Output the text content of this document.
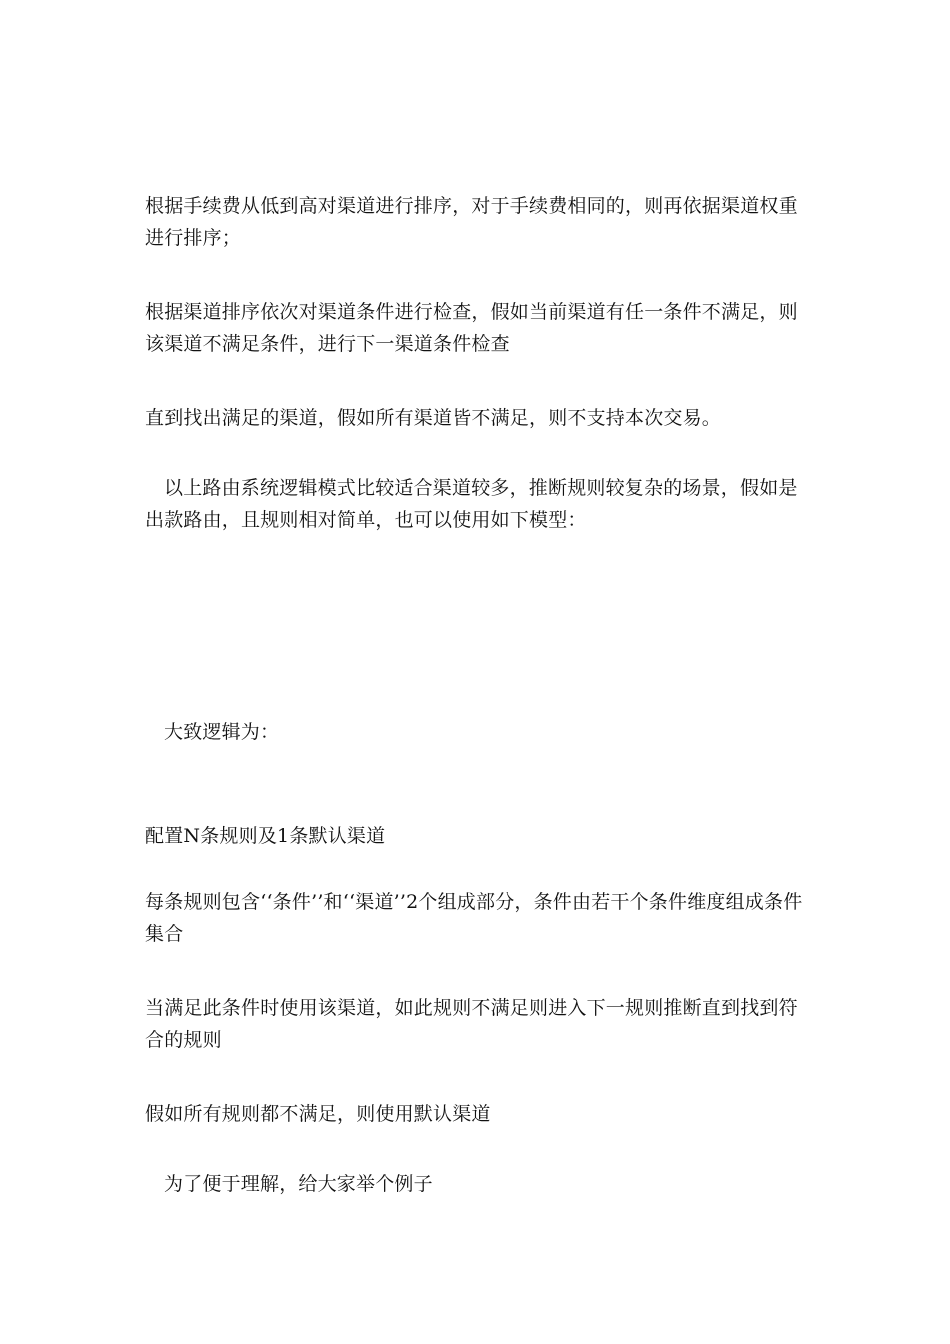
根据手续费从低到高对渠道进行排序，对于手续费相同的，则再依据渠道权重进行排序；

根据渠道排序依次对渠道条件进行检查，假如当前渠道有任一条件不满足，则该渠道不满足条件，进行下一渠道条件检查

直到找出满足的渠道，假如所有渠道皆不满足，则不支持本次交易。

以上路由系统逻辑模式比较适合渠道较多，推断规则较复杂的场景，假如是出款路由，且规则相对简单，也可以使用如下模型：

大致逻辑为：

配置N条规则及1条默认渠道

每条规则包含‘‘条件’’和‘‘渠道’’2个组成部分，条件由若干个条件维度组成条件集合

当满足此条件时使用该渠道，如此规则不满足则进入下一规则推断直到找到符合的规则

假如所有规则都不满足，则使用默认渠道

为了便于理解，给大家举个例子
